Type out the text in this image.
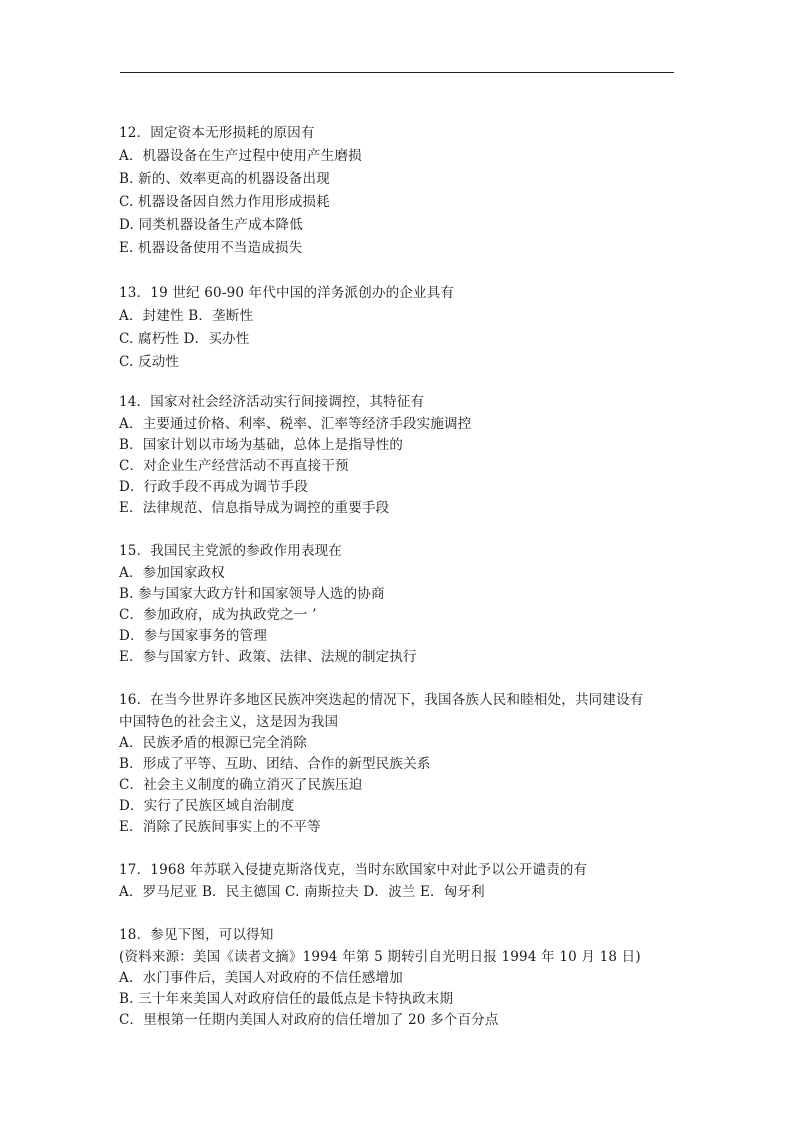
12．固定资本无形损耗的原因有
A．机器设备在生产过程中使用产生磨损
B. 新的、效率更高的机器设备出现
C. 机器设备因自然力作用形成损耗
D. 同类机器设备生产成本降低
E. 机器设备使用不当造成损失
13．19 世纪 60-90 年代中国的洋务派创办的企业具有
A．封建性 B．垄断性
C. 腐朽性 D．买办性
C. 反动性
14．国家对社会经济活动实行间接调控，其特征有
A．主要通过价格、利率、税率、汇率等经济手段实施调控
B．国家计划以市场为基础，总体上是指导性的
C．对企业生产经营活动不再直接干预
D．行政手段不再成为调节手段
E．法律规范、信息指导成为调控的重要手段
15．我国民主党派的参政作用表现在
A．参加国家政权
B. 参与国家大政方针和国家领导人选的协商
C．参加政府，成为执政党之一 ’
D．参与国家事务的管理
E．参与国家方针、政策、法律、法规的制定执行
16．在当今世界许多地区民族冲突迭起的情况下，我国各族人民和睦相处，共同建设有
中国特色的社会主义，这是因为我国
A．民族矛盾的根源已完全消除
B．形成了平等、互助、团结、合作的新型民族关系
C．社会主义制度的确立消灭了民族压迫
D．实行了民族区域自治制度
E．消除了民族间事实上的不平等
17．1968 年苏联入侵捷克斯洛伐克，当时东欧国家中对此予以公开谴责的有
A．罗马尼亚 B．民主德国 C. 南斯拉夫 D．波兰 E．匈牙利
18．参见下图，可以得知
(资料来源：美国《读者文摘》1994 年第 5 期转引自光明日报 1994 年 10 月 18 日)
A．水门事件后，美国人对政府的不信任感增加
B. 三十年来美国人对政府信任的最低点是卡特执政末期
C．里根第一任期内美国人对政府的信任增加了 20 多个百分点
